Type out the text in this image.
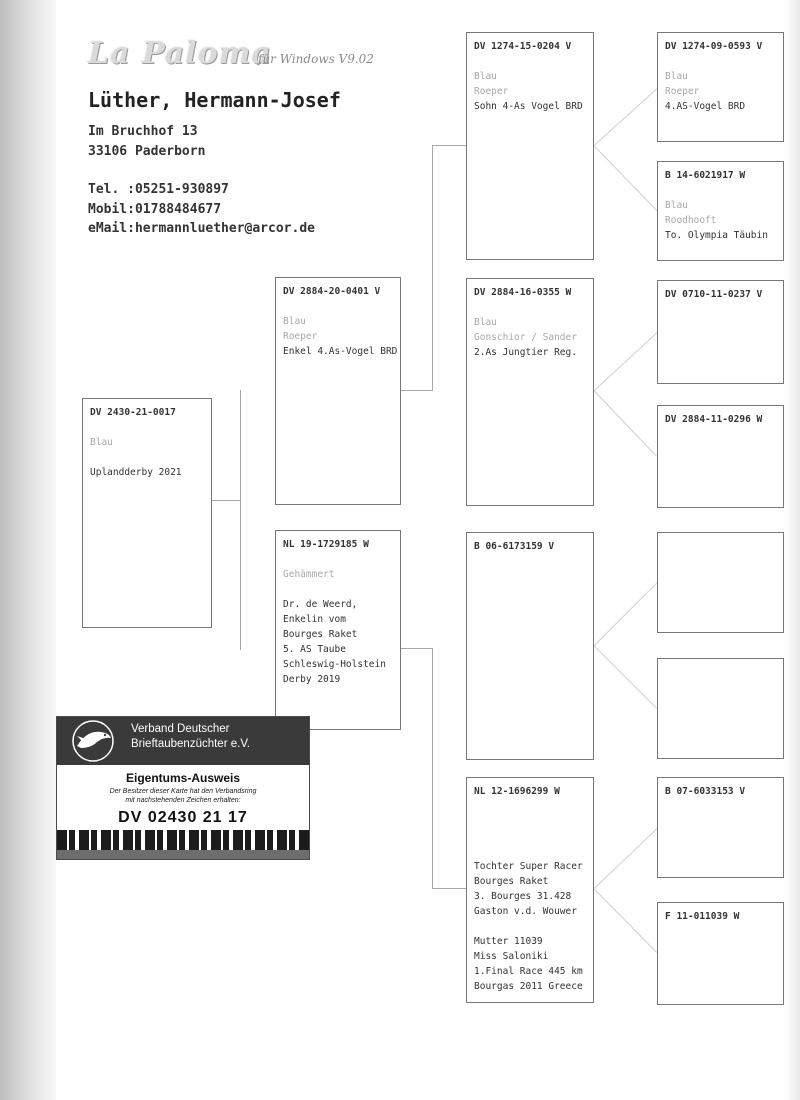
La Paloma
für Windows V9.02
Lüther, Hermann-Josef
Im Bruchhof 13
33106 Paderborn
Tel. :05251-930897
Mobil:01788484677
eMail:hermannluether@arcor.de
DV 2430-21-0017
Blau
Uplandderby 2021
DV 2884-20-0401 V
Blau
Roeper
Enkel 4.As-Vogel BRD
NL 19-1729185 W
Gehämmert
Dr. de Weerd,
Enkelin vom
Bourges Raket
5. AS Taube
Schleswig-Holstein
Derby 2019
DV 1274-15-0204 V
Blau
Roeper
Sohn 4-As Vogel BRD
DV 2884-16-0355 W
Blau
Gonschior / Sander
2.As Jungtier Reg.
B 06-6173159 V
NL 12-1696299 W
Tochter Super Racer
Bourges Raket
3. Bourges 31.428
Gaston v.d. Wouwer
Mutter 11039
Miss Saloniki
1.Final Race 445 km
Bourgas 2011 Greece
DV 1274-09-0593 V
Blau
Roeper
4.AS-Vogel BRD
B 14-6021917 W
Blau
Roodhooft
To. Olympia Täubin
DV 0710-11-0237 V
DV 2884-11-0296 W
B 07-6033153 V
F 11-011039 W
Verband Deutscher
Brieftaubenzüchter e.V.
Eigentums-Ausweis
Der Besitzer dieser Karte hat den Verbandsring
mit nachstehenden Zeichen erhalten:
DV 02430 21 17
